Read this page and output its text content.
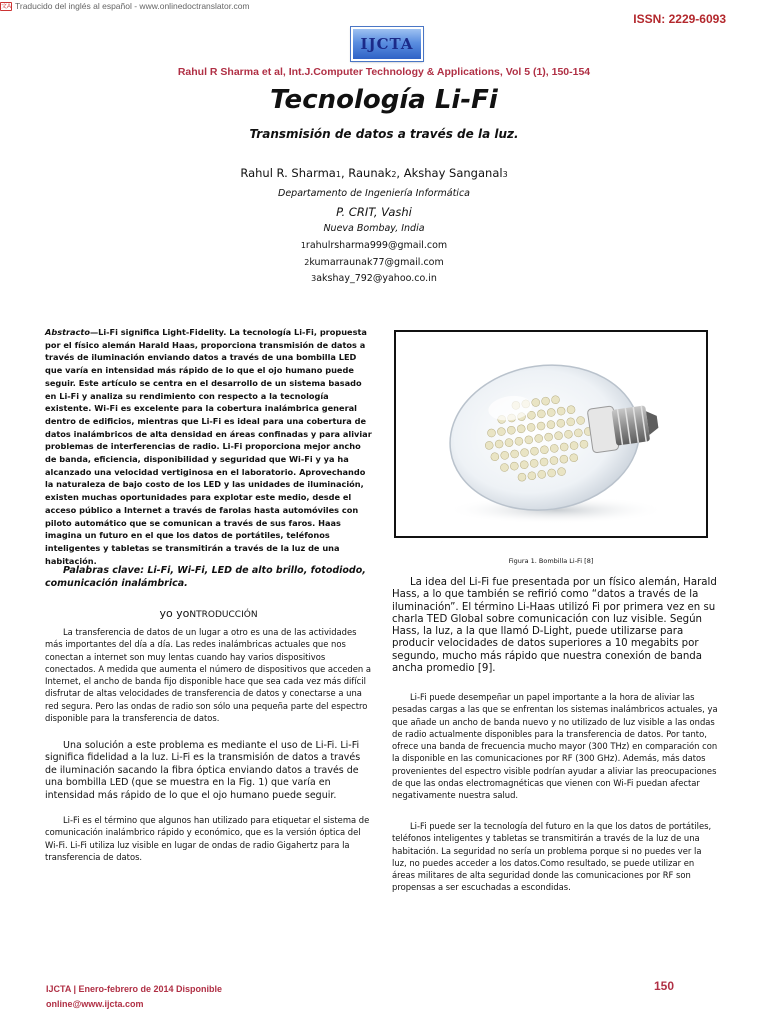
文A Traducido del inglés al español - www.onlinedoctranslator.com
ISSN: 2229-6093
IJCTA
Rahul R Sharma et al, Int.J.Computer Technology & Applications, Vol 5 (1), 150-154
Tecnología Li-Fi
Transmisión de datos a través de la luz.
Rahul R. Sharma1, Raunak2, Akshay Sanganal3
Departamento de Ingeniería Informática
P. CRIT, Vashi
Nueva Bombay, India
1rahulrsharma999@gmail.com
2kumarraunak77@gmail.com
3akshay_792@yahoo.co.in

Abstracto—Li-Fi significa Light-Fidelity. La tecnología Li-Fi, propuesta por el físico alemán Harald Haas, proporciona transmisión de datos a través de iluminación enviando datos a través de una bombilla LED que varía en intensidad más rápido de lo que el ojo humano puede seguir. Este artículo se centra en el desarrollo de un sistema basado en Li-Fi y analiza su rendimiento con respecto a la tecnología existente. Wi-Fi es excelente para la cobertura inalámbrica general dentro de edificios, mientras que Li-Fi es ideal para una cobertura de datos inalámbricos de alta densidad en áreas confinadas y para aliviar problemas de interferencias de radio. Li-Fi proporciona mejor ancho de banda, eficiencia, disponibilidad y seguridad que Wi-Fi y ya ha alcanzado una velocidad vertiginosa en el laboratorio. Aprovechando la naturaleza de bajo costo de los LED y las unidades de iluminación, existen muchas oportunidades para explotar este medio, desde el acceso público a Internet a través de farolas hasta automóviles con piloto automático que se comunican a través de sus faros. Haas imagina un futuro en el que los datos de portátiles, teléfonos inteligentes y tabletas se transmitirán a través de la luz de una habitación.

Palabras clave: Li-Fi, Wi-Fi, LED de alto brillo, fotodiodo, comunicación inalámbrica.

yo yoNTRODUCCIÓN

La transferencia de datos de un lugar a otro es una de las actividades más importantes del día a día. Las redes inalámbricas actuales que nos conectan a internet son muy lentas cuando hay varios dispositivos conectados. A medida que aumenta el número de dispositivos que acceden a Internet, el ancho de banda fijo disponible hace que sea cada vez más difícil disfrutar de altas velocidades de transferencia de datos y conectarse a una red segura. Pero las ondas de radio son sólo una pequeña parte del espectro disponible para la transferencia de datos.

Una solución a este problema es mediante el uso de Li-Fi. Li-Fi significa fidelidad a la luz. Li-Fi es la transmisión de datos a través de iluminación sacando la fibra óptica enviando datos a través de una bombilla LED (que se muestra en la Fig. 1) que varía en intensidad más rápido de lo que el ojo humano puede seguir.

Li-Fi es el término que algunos han utilizado para etiquetar el sistema de comunicación inalámbrico rápido y económico, que es la versión óptica del Wi-Fi. Li-Fi utiliza luz visible en lugar de ondas de radio Gigahertz para la transferencia de datos.

Figura 1. Bombilla Li-Fi [8]

La idea del Li-Fi fue presentada por un físico alemán, Harald Hass, a lo que también se refirió como “datos a través de la iluminación”. El término Li-Haas utilizó Fi por primera vez en su charla TED Global sobre comunicación con luz visible. Según Hass, la luz, a la que llamó D-Light, puede utilizarse para producir velocidades de datos superiores a 10 megabits por segundo, mucho más rápido que nuestra conexión de banda ancha promedio [9].

Li-Fi puede desempeñar un papel importante a la hora de aliviar las pesadas cargas a las que se enfrentan los sistemas inalámbricos actuales, ya que añade un ancho de banda nuevo y no utilizado de luz visible a las ondas de radio actualmente disponibles para la transferencia de datos. Por tanto, ofrece una banda de frecuencia mucho mayor (300 THz) en comparación con la disponible en las comunicaciones por RF (300 GHz). Además, más datos provenientes del espectro visible podrían ayudar a aliviar las preocupaciones de que las ondas electromagnéticas que vienen con Wi-Fi puedan afectar negativamente nuestra salud.

Li-Fi puede ser la tecnología del futuro en la que los datos de portátiles, teléfonos inteligentes y tabletas se transmitirán a través de la luz de una habitación. La seguridad no sería un problema porque si no puedes ver la luz, no puedes acceder a los datos.Como resultado, se puede utilizar en áreas militares de alta seguridad donde las comunicaciones por RF son propensas a ser escuchadas a escondidas.

IJCTA | Enero-febrero de 2014 Disponible
online@www.ijcta.com
150
